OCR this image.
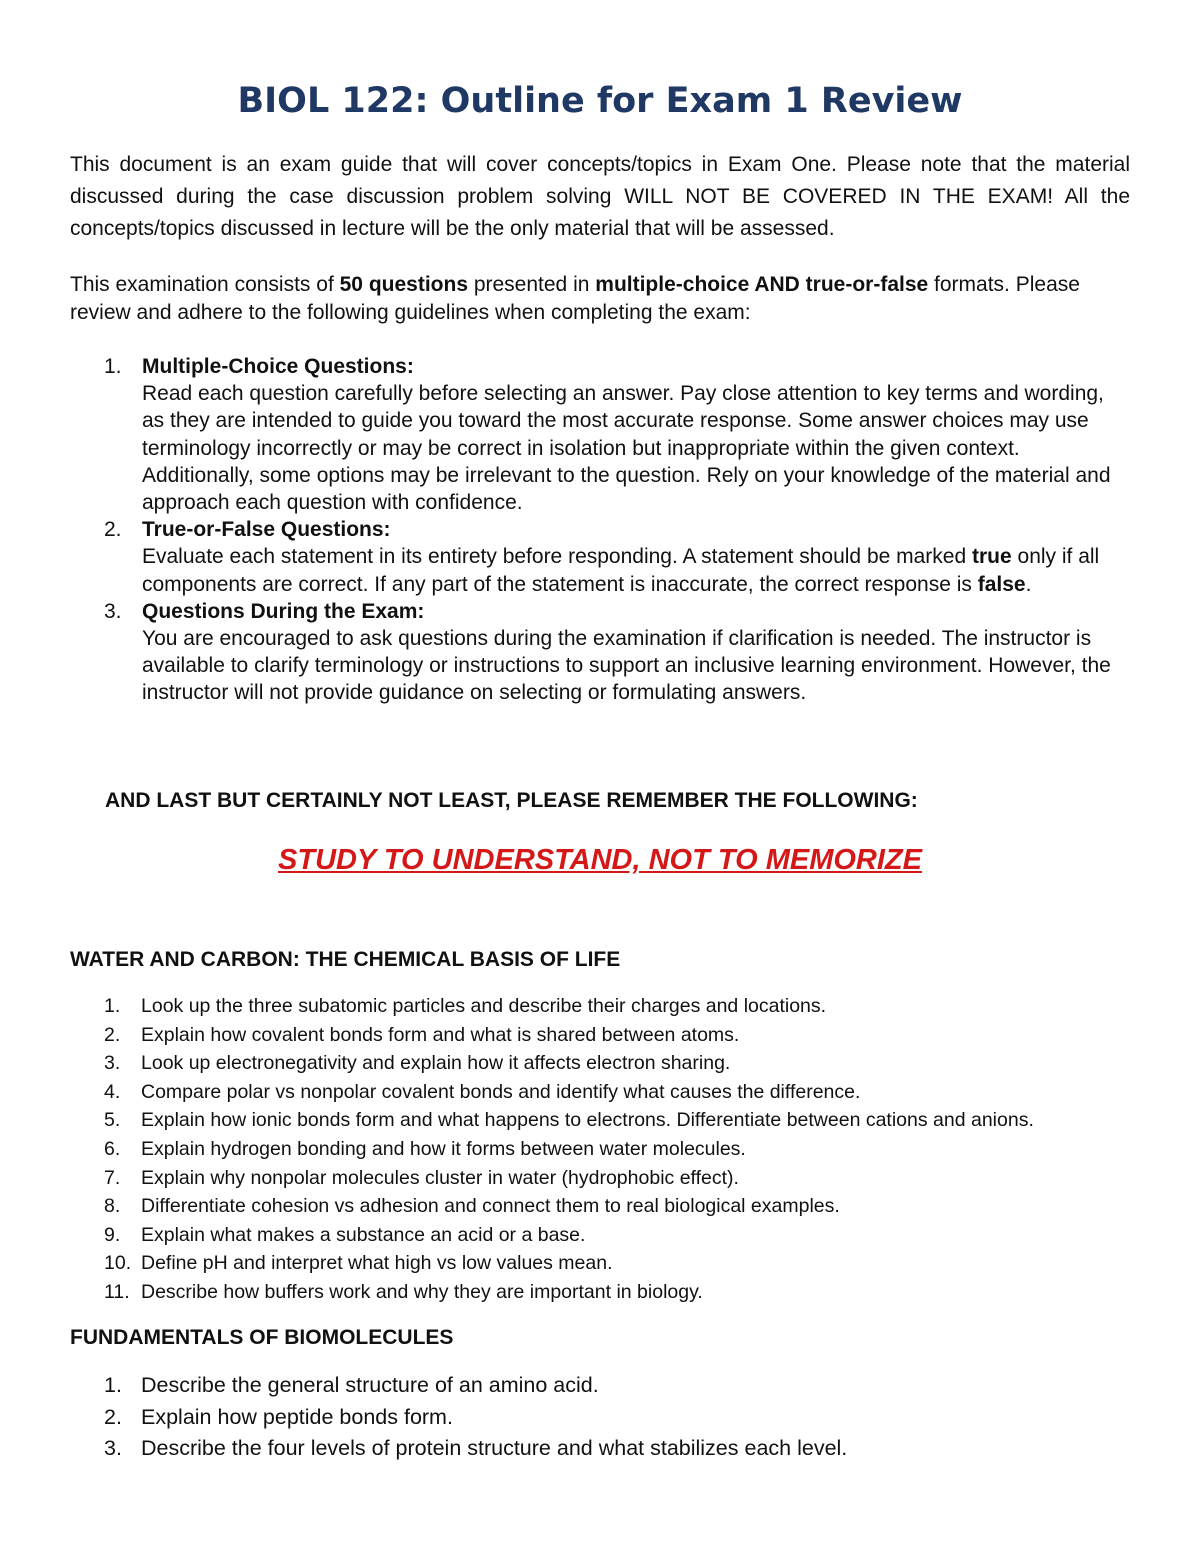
BIOL 122: Outline for Exam 1 Review

This document is an exam guide that will cover concepts/topics in Exam One. Please note that the material discussed during the case discussion problem solving WILL NOT BE COVERED IN THE EXAM! All the concepts/topics discussed in lecture will be the only material that will be assessed.

This examination consists of 50 questions presented in multiple-choice AND true-or-false formats. Please review and adhere to the following guidelines when completing the exam:

1. Multiple-Choice Questions:
Read each question carefully before selecting an answer. Pay close attention to key terms and wording, as they are intended to guide you toward the most accurate response. Some answer choices may use terminology incorrectly or may be correct in isolation but inappropriate within the given context. Additionally, some options may be irrelevant to the question. Rely on your knowledge of the material and approach each question with confidence.
2. True-or-False Questions:
Evaluate each statement in its entirety before responding. A statement should be marked true only if all components are correct. If any part of the statement is inaccurate, the correct response is false.
3. Questions During the Exam:
You are encouraged to ask questions during the examination if clarification is needed. The instructor is available to clarify terminology or instructions to support an inclusive learning environment. However, the instructor will not provide guidance on selecting or formulating answers.

AND LAST BUT CERTAINLY NOT LEAST, PLEASE REMEMBER THE FOLLOWING:

STUDY TO UNDERSTAND, NOT TO MEMORIZE

WATER AND CARBON: THE CHEMICAL BASIS OF LIFE
1. Look up the three subatomic particles and describe their charges and locations.
2. Explain how covalent bonds form and what is shared between atoms.
3. Look up electronegativity and explain how it affects electron sharing.
4. Compare polar vs nonpolar covalent bonds and identify what causes the difference.
5. Explain how ionic bonds form and what happens to electrons. Differentiate between cations and anions.
6. Explain hydrogen bonding and how it forms between water molecules.
7. Explain why nonpolar molecules cluster in water (hydrophobic effect).
8. Differentiate cohesion vs adhesion and connect them to real biological examples.
9. Explain what makes a substance an acid or a base.
10. Define pH and interpret what high vs low values mean.
11. Describe how buffers work and why they are important in biology.
FUNDAMENTALS OF BIOMOLECULES
1. Describe the general structure of an amino acid.
2. Explain how peptide bonds form.
3. Describe the four levels of protein structure and what stabilizes each level.
